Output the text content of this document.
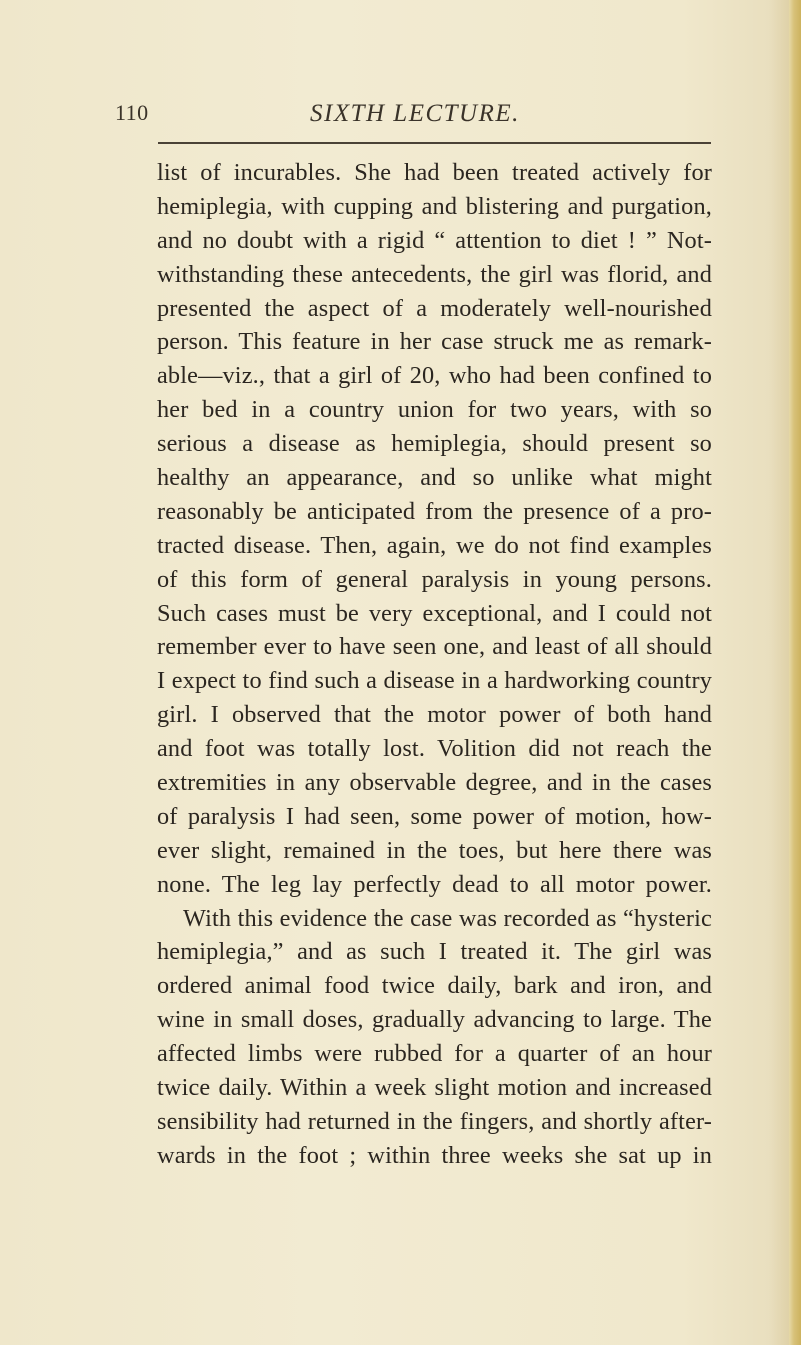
110	SIXTH LECTURE.
list of incurables. She had been treated actively for
hemiplegia, with cupping and blistering and purgation,
and no doubt with a rigid “ attention to diet ! ” Not-
withstanding these antecedents, the girl was florid, and
presented the aspect of a moderately well-nourished
person. This feature in her case struck me as remark-
able—viz., that a girl of 20, who had been confined to
her bed in a country union for two years, with so
serious a disease as hemiplegia, should present so
healthy an appearance, and so unlike what might
reasonably be anticipated from the presence of a pro-
tracted disease. Then, again, we do not find examples
of this form of general paralysis in young persons.
Such cases must be very exceptional, and I could not
remember ever to have seen one, and least of all should
I expect to find such a disease in a hardworking country
girl. I observed that the motor power of both hand
and foot was totally lost. Volition did not reach the
extremities in any observable degree, and in the cases
of paralysis I had seen, some power of motion, how-
ever slight, remained in the toes, but here there was
none. The leg lay perfectly dead to all motor power.
With this evidence the case was recorded as “hysteric
hemiplegia,” and as such I treated it. The girl was
ordered animal food twice daily, bark and iron, and
wine in small doses, gradually advancing to large. The
affected limbs were rubbed for a quarter of an hour
twice daily. Within a week slight motion and increased
sensibility had returned in the fingers, and shortly after-
wards in the foot ; within three weeks she sat up in
